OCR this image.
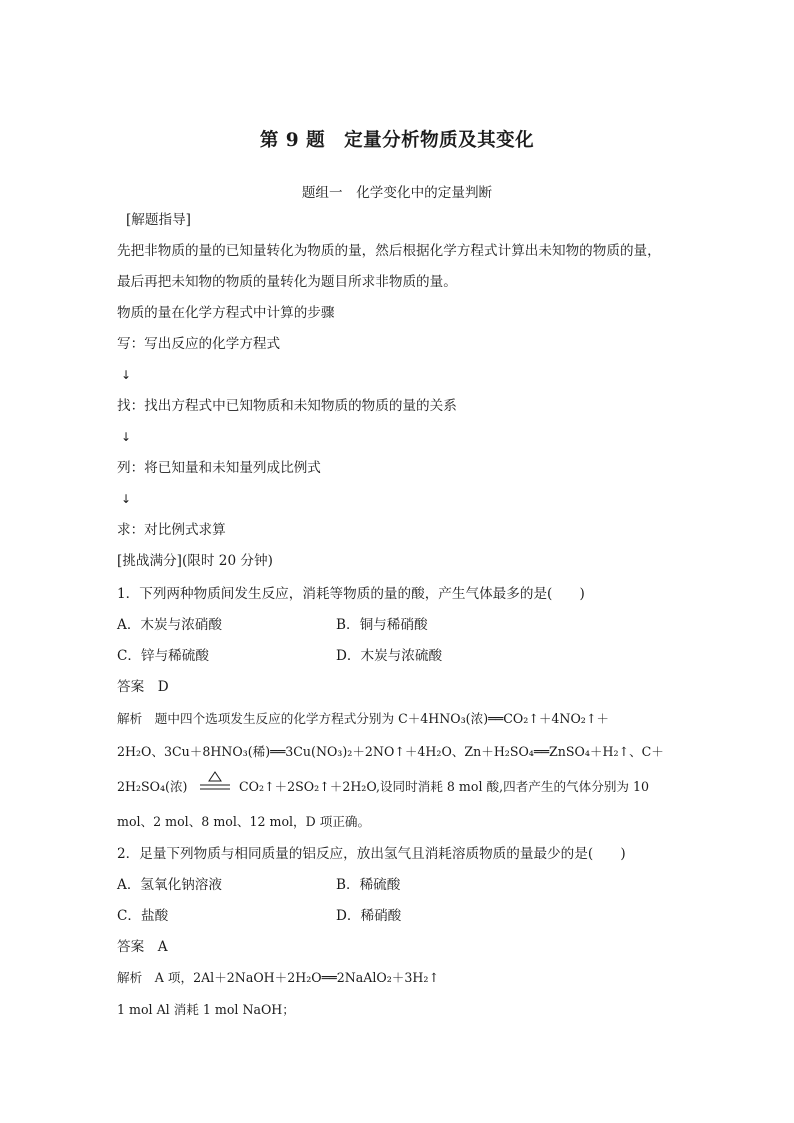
第 9 题　定量分析物质及其变化
题组一　化学变化中的定量判断
[解题指导]
先把非物质的量的已知量转化为物质的量，然后根据化学方程式计算出未知物的物质的量，
最后再把未知物的物质的量转化为题目所求非物质的量。
物质的量在化学方程式中计算的步骤
写：写出反应的化学方程式
↓
找：找出方程式中已知物质和未知物质的物质的量的关系
↓
列：将已知量和未知量列成比例式
↓
求：对比例式求算
[挑战满分](限时 20 分钟)
1．下列两种物质间发生反应，消耗等物质的量的酸，产生气体最多的是(　　)
A．木炭与浓硝酸	B．铜与稀硝酸
C．锌与稀硫酸	D．木炭与浓硫酸
答案　D
解析　题中四个选项发生反应的化学方程式分别为 C＋4HNO₃(浓)══CO₂↑＋4NO₂↑＋
2H₂O、3Cu＋8HNO₃(稀)══3Cu(NO₃)₂＋2NO↑＋4H₂O、Zn＋H₂SO₄══ZnSO₄＋H₂↑、C＋
2H₂SO₄(浓)	CO₂↑＋2SO₂↑＋2H₂O,设同时消耗 8 mol 酸,四者产生的气体分别为 10
mol、2 mol、8 mol、12 mol，D 项正确。
2．足量下列物质与相同质量的铝反应，放出氢气且消耗溶质物质的量最少的是(　　)
A．氢氧化钠溶液	B．稀硫酸
C．盐酸	D．稀硝酸
答案　A
解析　A 项，2Al＋2NaOH＋2H₂O══2NaAlO₂＋3H₂↑
1 mol Al 消耗 1 mol NaOH；
